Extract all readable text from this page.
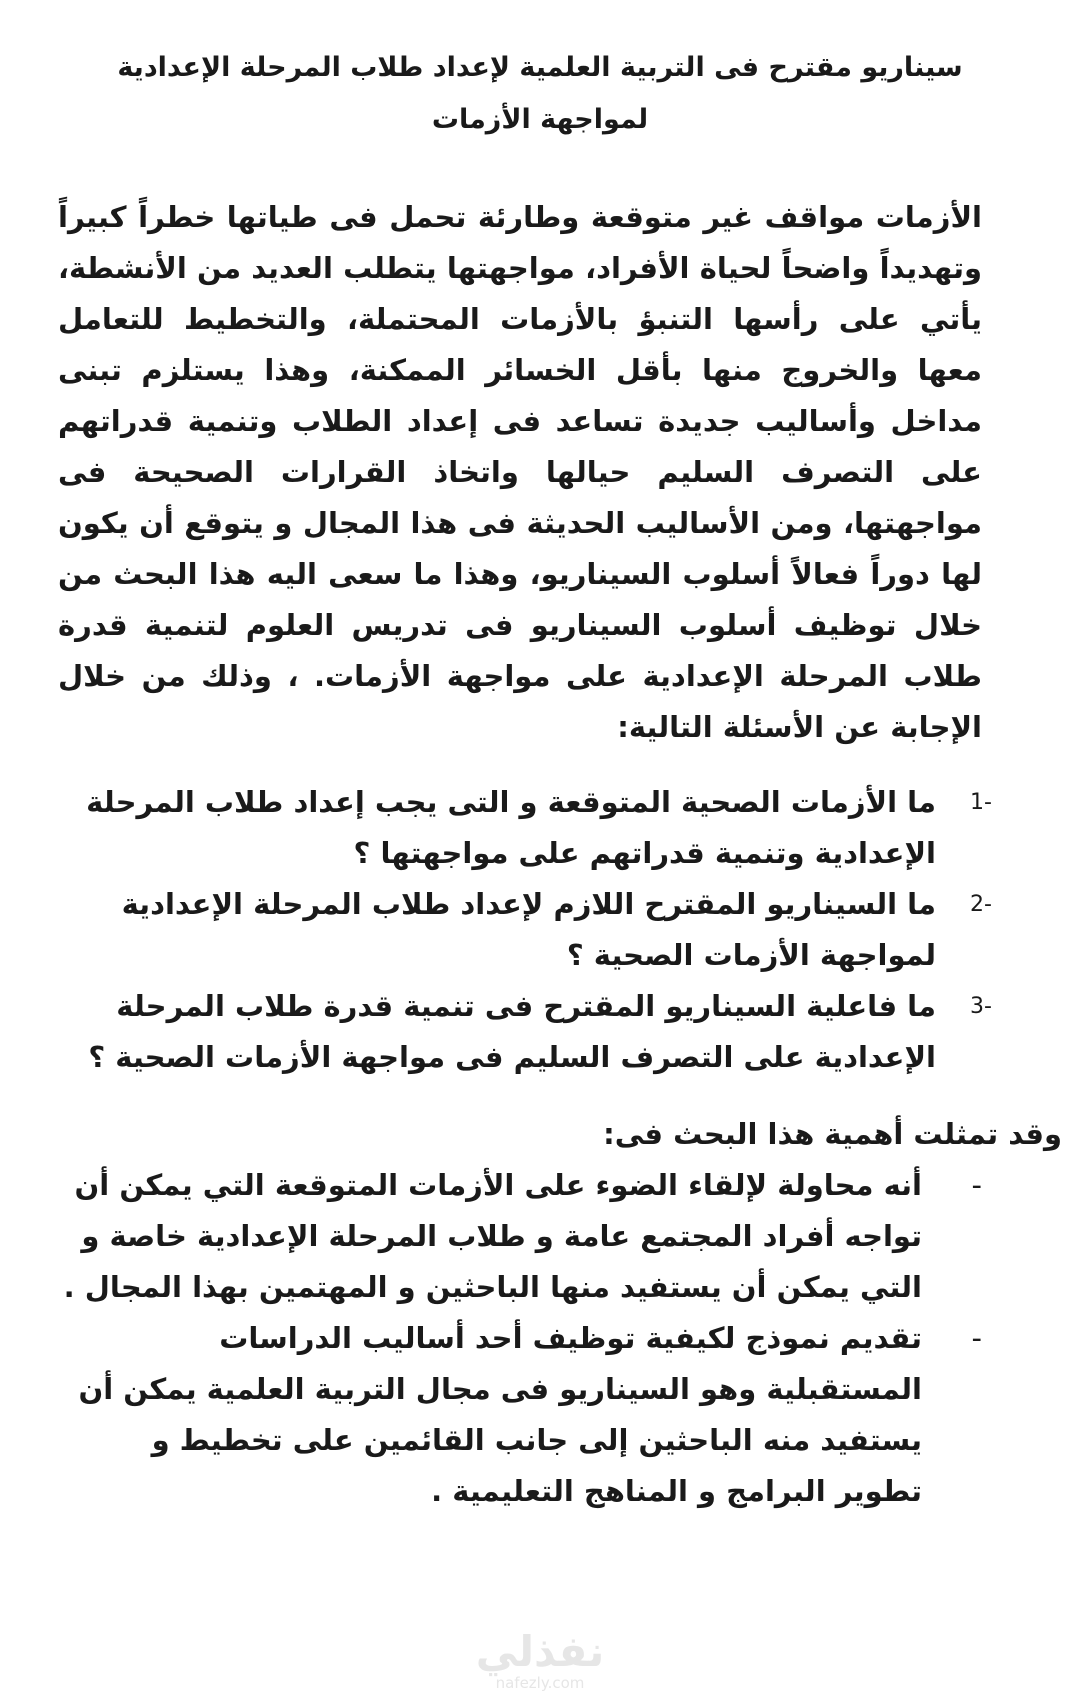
سيناريو مقترح فى التربية العلمية لإعداد طلاب المرحلة الإعدادية
لمواجهة الأزمات

الأزمات مواقف غير متوقعة وطارئة تحمل فى طياتها خطراً كبيراً وتهديداً واضحاً لحياة الأفراد، مواجهتها يتطلب العديد من الأنشطة، يأتي على رأسها التنبؤ بالأزمات المحتملة، والتخطيط للتعامل معها والخروج منها بأقل الخسائر الممكنة، وهذا يستلزم تبنى مداخل وأساليب جديدة تساعد فى إعداد الطلاب وتنمية قدراتهم على التصرف السليم حيالها واتخاذ القرارات الصحيحة فى مواجهتها، ومن الأساليب الحديثة فى هذا المجال و يتوقع أن يكون لها دوراً فعالاً أسلوب السيناريو، وهذا ما سعى اليه هذا البحث من خلال توظيف أسلوب السيناريو فى تدريس العلوم لتنمية قدرة طلاب المرحلة الإعدادية على مواجهة الأزمات. ، وذلك من خلال الإجابة عن الأسئلة التالية:

-1
ما الأزمات الصحية المتوقعة و التى يجب إعداد طلاب المرحلة الإعدادية وتنمية قدراتهم على مواجهتها ؟
-2
ما السيناريو المقترح اللازم لإعداد طلاب المرحلة الإعدادية لمواجهة الأزمات الصحية ؟
-3
ما فاعلية السيناريو المقترح فى تنمية قدرة طلاب المرحلة الإعدادية على التصرف السليم فى مواجهة الأزمات الصحية ؟
وقد تمثلت أهمية هذا البحث فى:
-
أنه محاولة لإلقاء الضوء على الأزمات المتوقعة التي يمكن أن تواجه أفراد المجتمع عامة و طلاب المرحلة الإعدادية خاصة و التي يمكن أن يستفيد منها الباحثين و المهتمين بهذا المجال .
-
تقديم نموذج لكيفية توظيف أحد أساليب الدراسات المستقبلية وهو السيناريو فى مجال التربية العلمية يمكن أن يستفيد منه الباحثين إلى جانب القائمين على تخطيط و تطوير البرامج و المناهج التعليمية .
نفذلي
nafezly.com
